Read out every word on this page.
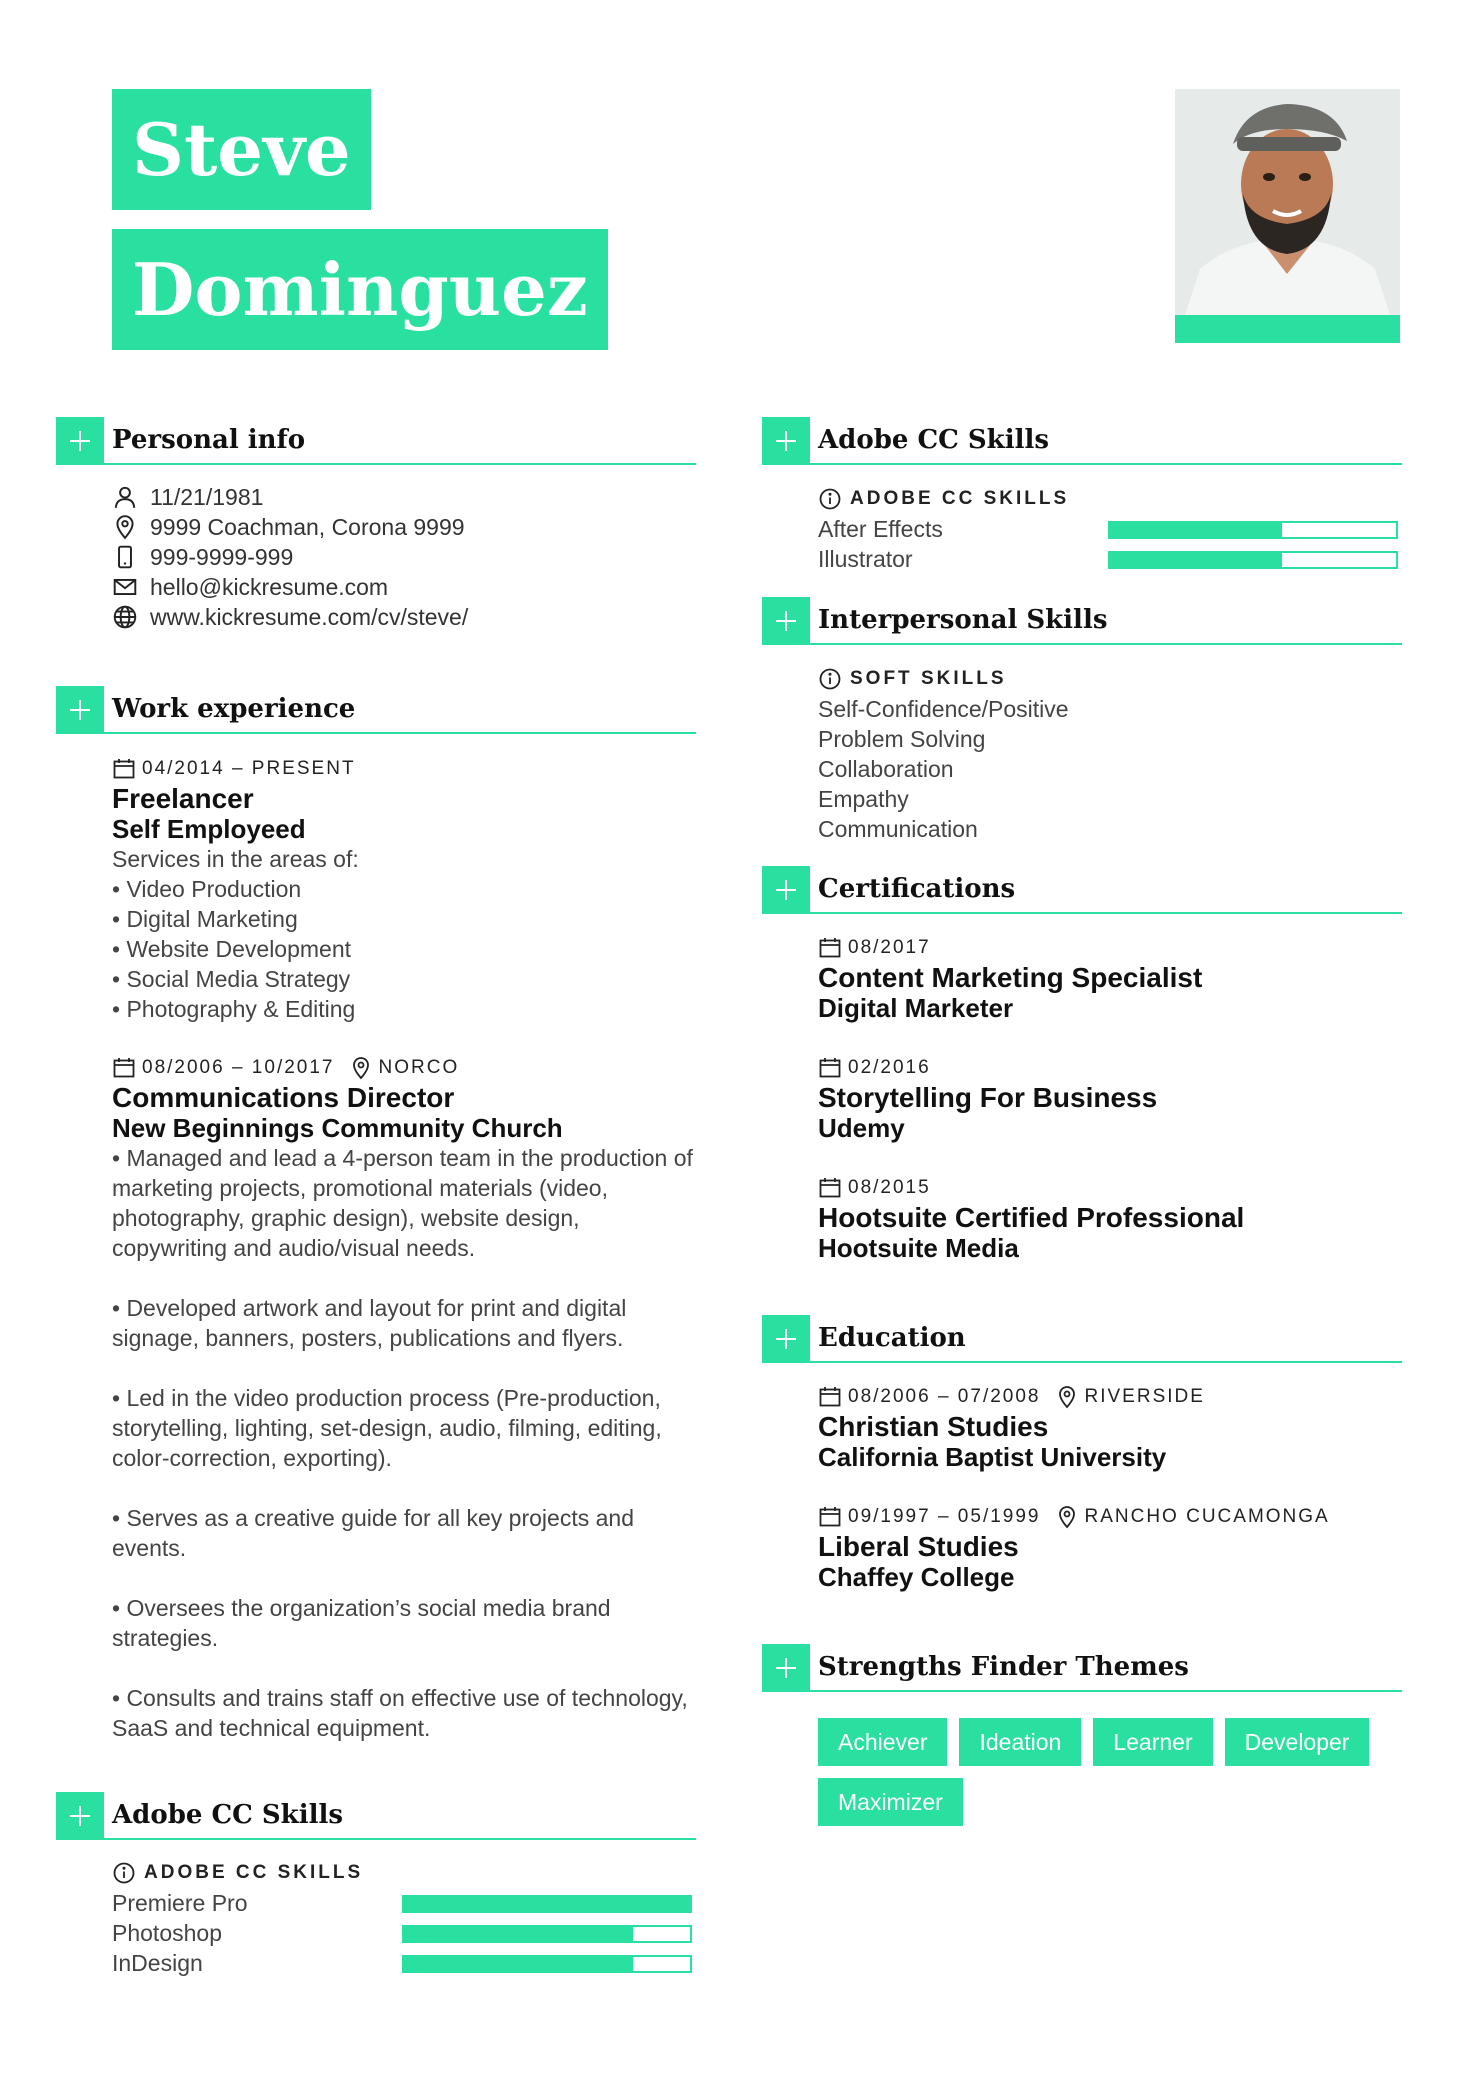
Steve
Dominguez
Personal info
11/21/1981
9999 Coachman, Corona 9999
999-9999-999
hello@kickresume.com
www.kickresume.com/cv/steve/
Work experience
04/2014 – PRESENT
Freelancer
Self Employeed
Services in the areas of:
• Video Production
• Digital Marketing
• Website Development
• Social Media Strategy
• Photography & Editing
08/2006 – 10/2017 NORCO
Communications Director
New Beginnings Community Church
• Managed and lead a 4-person team in the production of marketing projects, promotional materials (video, photography, graphic design), website design, copywriting and audio/visual needs.
• Developed artwork and layout for print and digital signage, banners, posters, publications and flyers.
• Led in the video production process (Pre-production, storytelling, lighting, set-design, audio, filming, editing, color-correction, exporting).
• Serves as a creative guide for all key projects and events.
• Oversees the organization’s social media brand strategies.
• Consults and trains staff on effective use of technology, SaaS and technical equipment.
Adobe CC Skills
ADOBE CC SKILLS
Premiere Pro
Photoshop
InDesign
Adobe CC Skills
ADOBE CC SKILLS
After Effects
Illustrator
Interpersonal Skills
SOFT SKILLS
Self-Confidence/Positive
Problem Solving
Collaboration
Empathy
Communication
Certifications
08/2017
Content Marketing Specialist
Digital Marketer
02/2016
Storytelling For Business
Udemy
08/2015
Hootsuite Certified Professional
Hootsuite Media
Education
08/2006 – 07/2008 RIVERSIDE
Christian Studies
California Baptist University
09/1997 – 05/1999 RANCHO CUCAMONGA
Liberal Studies
Chaffey College
Strengths Finder Themes
Achiever	Ideation	Learner	Developer
Maximizer
